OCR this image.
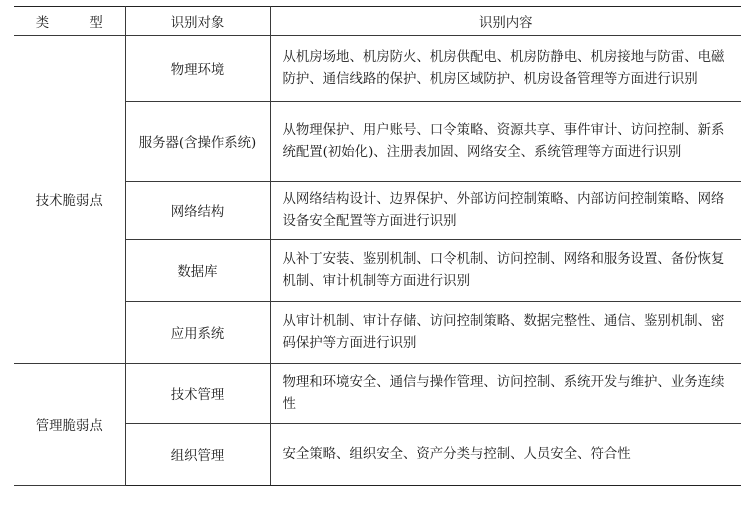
类 型	识别对象	识别内容
技术脆弱点	物理环境	从机房场地、机房防火、机房供配电、机房防静电、机房接地与防雷、电磁防护、通信线路的保护、机房区域防护、机房设备管理等方面进行识别
	服务器(含操作系统)	从物理保护、用户账号、口令策略、资源共享、事件审计、访问控制、新系统配置(初始化)、注册表加固、网络安全、系统管理等方面进行识别
	网络结构	从网络结构设计、边界保护、外部访问控制策略、内部访问控制策略、网络设备安全配置等方面进行识别
	数据库	从补丁安装、鉴别机制、口令机制、访问控制、网络和服务设置、备份恢复机制、审计机制等方面进行识别
	应用系统	从审计机制、审计存储、访问控制策略、数据完整性、通信、鉴别机制、密码保护等方面进行识别
管理脆弱点	技术管理	物理和环境安全、通信与操作管理、访问控制、系统开发与维护、业务连续性
	组织管理	安全策略、组织安全、资产分类与控制、人员安全、符合性
